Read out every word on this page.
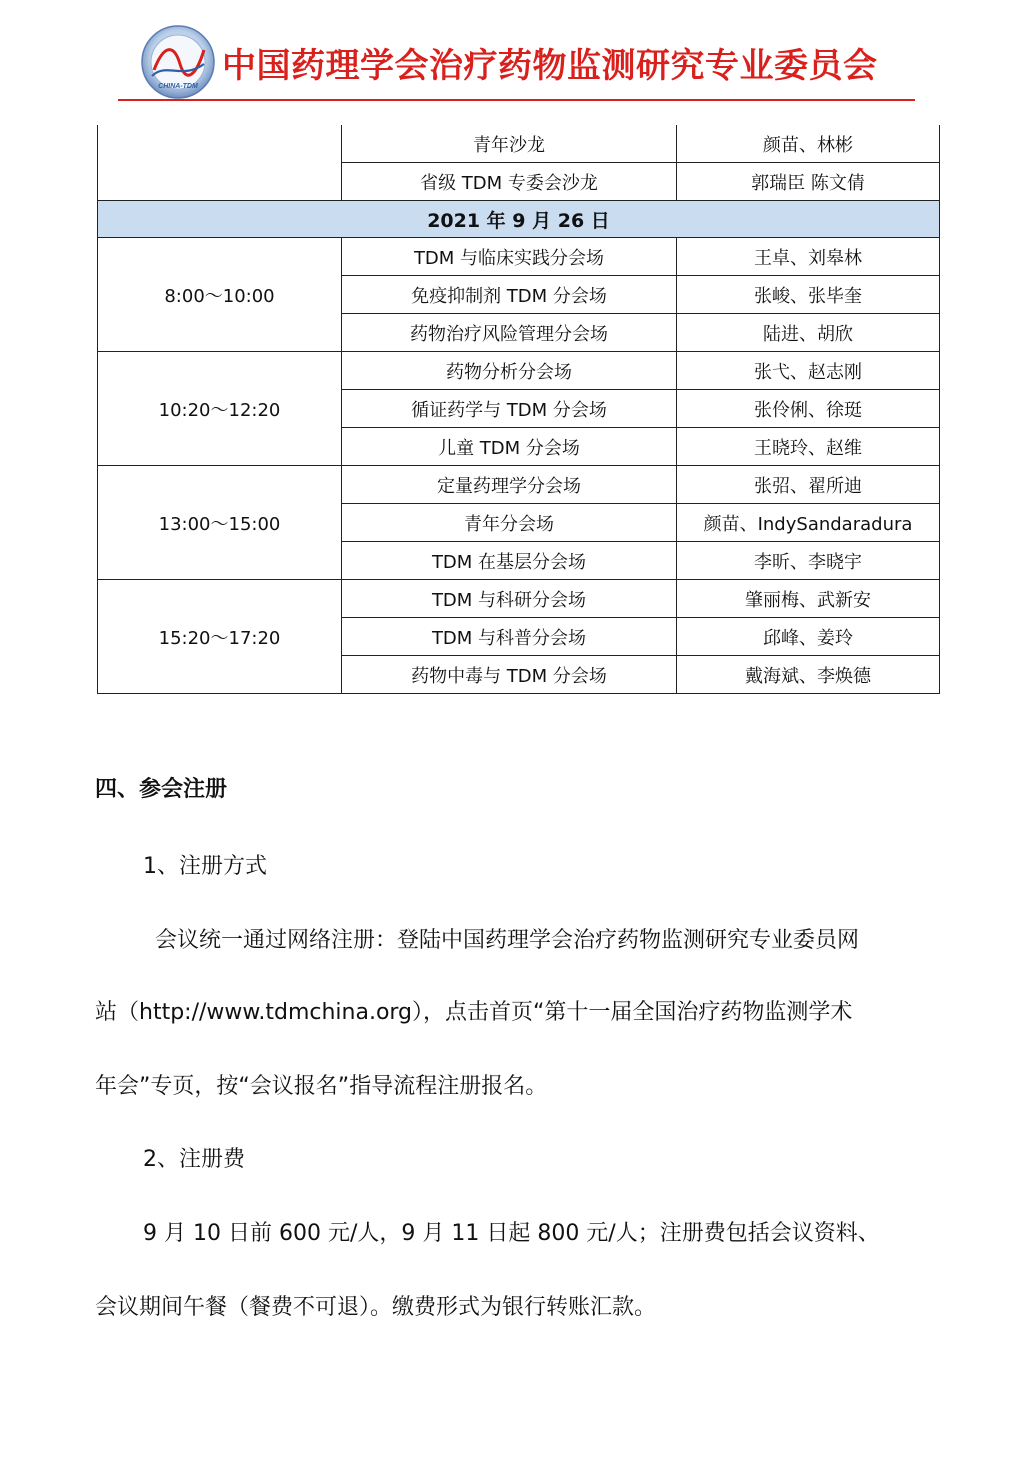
CHINA-TDM
中国药理学会治疗药物监测研究专业委员会
	青年沙龙	颜苗、林彬
	省级 TDM 专委会沙龙	郭瑞臣 陈文倩
2021 年 9 月 26 日		
8:00～10:00	TDM 与临床实践分会场	王卓、刘皋林
	免疫抑制剂 TDM 分会场	张峻、张毕奎
	药物治疗风险管理分会场	陆进、胡欣
10:20～12:20	药物分析分会场	张弋、赵志刚
	循证药学与 TDM 分会场	张伶俐、徐珽
	儿童 TDM 分会场	王晓玲、赵维
13:00～15:00	定量药理学分会场	张弨、翟所迪
	青年分会场	颜苗、IndySandaradura
	TDM 在基层分会场	李昕、李晓宇
15:20～17:20	TDM 与科研分会场	肇丽梅、武新安
	TDM 与科普分会场	邱峰、姜玲
	药物中毒与 TDM 分会场	戴海斌、李焕德
四、参会注册
1、注册方式
会议统一通过网络注册：登陆中国药理学会治疗药物监测研究专业委员网
站（http://www.tdmchina.org），点击首页“第十一届全国治疗药物监测学术
年会”专页，按“会议报名”指导流程注册报名。
2、注册费
9 月 10 日前 600 元/人，9 月 11 日起 800 元/人；注册费包括会议资料、
会议期间午餐（餐费不可退）。缴费形式为银行转账汇款。
